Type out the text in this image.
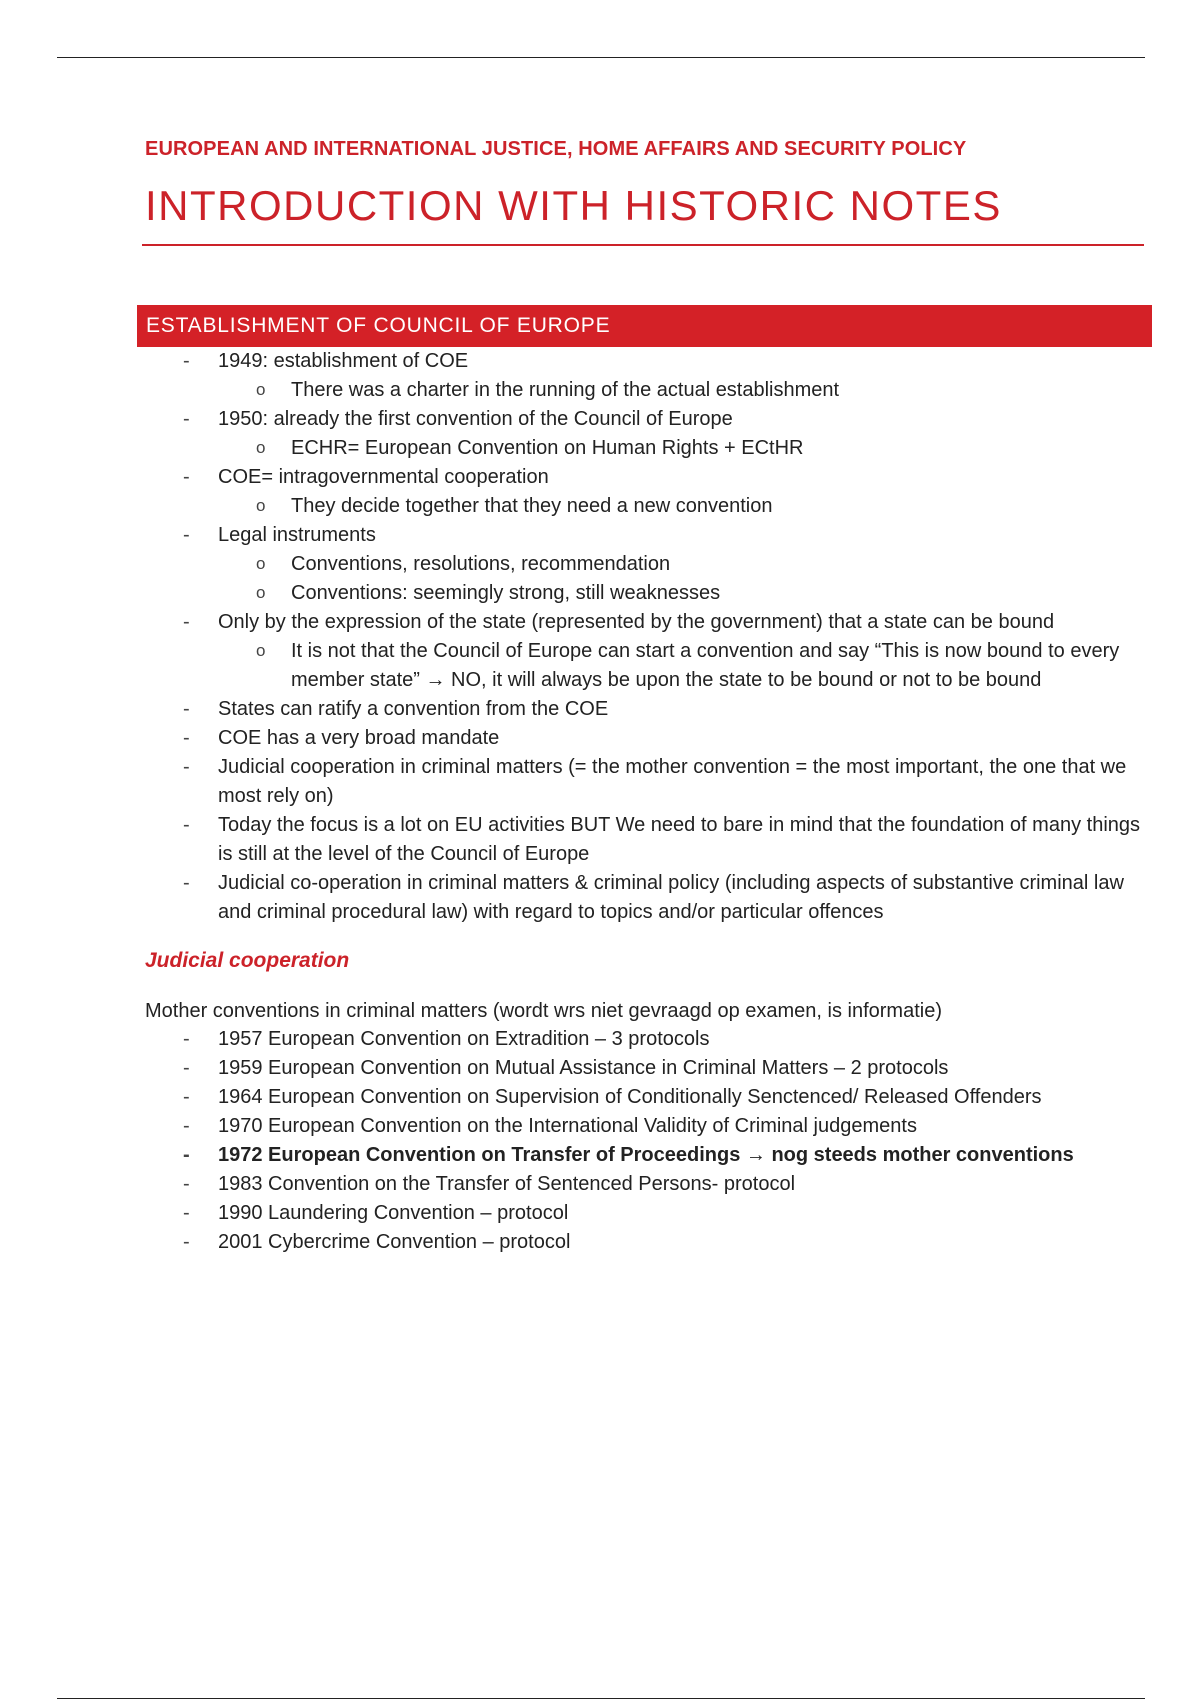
EUROPEAN AND INTERNATIONAL JUSTICE, HOME AFFAIRS AND SECURITY POLICY
INTRODUCTION WITH HISTORIC NOTES
ESTABLISHMENT OF COUNCIL OF EUROPE
- 1949: establishment of COE
o There was a charter in the running of the actual establishment
- 1950: already the first convention of the Council of Europe
o ECHR= European Convention on Human Rights + ECtHR
- COE= intragovernmental cooperation
o They decide together that they need a new convention
- Legal instruments
o Conventions, resolutions, recommendation
o Conventions: seemingly strong, still weaknesses
- Only by the expression of the state (represented by the government) that a state can be bound
o It is not that the Council of Europe can start a convention and say “This is now bound to every member state” → NO, it will always be upon the state to be bound or not to be bound
- States can ratify a convention from the COE
- COE has a very broad mandate
- Judicial cooperation in criminal matters (= the mother convention = the most important, the one that we most rely on)
- Today the focus is a lot on EU activities BUT We need to bare in mind that the foundation of many things is still at the level of the Council of Europe
- Judicial co-operation in criminal matters & criminal policy (including aspects of substantive criminal law and criminal procedural law) with regard to topics and/or particular offences
Judicial cooperation

Mother conventions in criminal matters (wordt wrs niet gevraagd op examen, is informatie)

- 1957 European Convention on Extradition – 3 protocols
- 1959 European Convention on Mutual Assistance in Criminal Matters – 2 protocols
- 1964 European Convention on Supervision of Conditionally Senctenced/ Released Offenders
- 1970 European Convention on the International Validity of Criminal judgements
- 1972 European Convention on Transfer of Proceedings → nog steeds mother conventions
- 1983 Convention on the Transfer of Sentenced Persons- protocol
- 1990 Laundering Convention – protocol
- 2001 Cybercrime Convention – protocol
